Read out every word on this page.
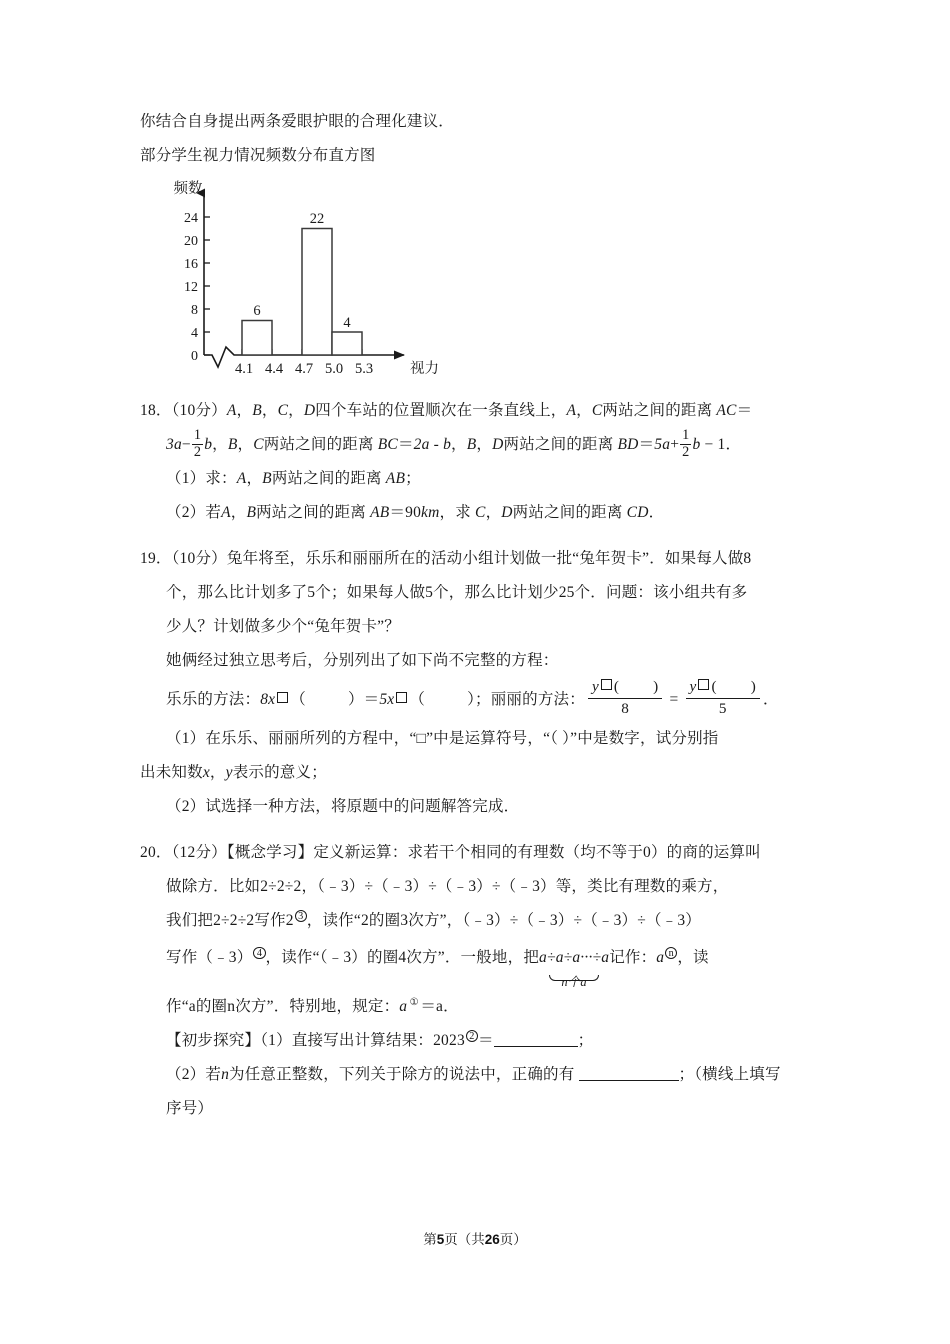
你结合自身提出两条爱眼护眼的合理化建议．
部分学生视力情况频数分布直方图
0
4
8
12
16
20
24
频数
6
22
4
4.1 4.4 4.7 5.0 5.3	视力
18．（10分）A，B，C，D四个车站的位置顺次在一条直线上，A，C两站之间的距离 AC＝
$3a- \frac{1}{2}$ b，B，C两站之间的距离 BC＝2a - b，B，D两站之间的距离 $BD=5a+ \frac{1}{2}$ b − 1．
（1）求：A，B两站之间的距离 AB；
（2）若A，B两站之间的距离 AB＝90km，求 C，D两站之间的距离 CD．
19．（10分）兔年将至，乐乐和丽丽所在的活动小组计划做一批“兔年贺卡”．如果每人做8
个，那么比计划多了5个；如果每人做5个，那么比计划少25个．问题：该小组共有多
少人？计划做多少个“兔年贺卡”？
她俩经过独立思考后，分别列出了如下尚不完整的方程：
乐乐的方法：8x （	）＝5x （	）；丽丽的方法： $\frac{y ( )}{8} = \frac{y ( )}{5}$ ．
（1）在乐乐、丽丽所列的方程中，“□”中是运算符号，“（ ）”中是数字，试分别指
出未知数x，y表示的意义；
（2）试选择一种方法，将原题中的问题解答完成．
20．（12分）【概念学习】定义新运算：求若干个相同的有理数（均不等于0）的商的运算叫
做除方．比如2÷2÷2，（﹣3）÷（﹣3）÷（﹣3）÷（﹣3）等，类比有理数的乘方，
我们把2÷2÷2写作2 3 ，读作“2的圈3次方”，（﹣3）÷（﹣3）÷（﹣3）÷（﹣3）
写作（﹣3） 4 ，读作“（﹣3）的圈4次方”．一般地，把a÷a÷a···÷a
n个a
记作：a n ，读
作“a的圈n次方”．特别地，规定：a ①＝a．
【初步探究】（1）直接写出计算结果：2023 2 ＝	；
（2）若n为任意正整数，下列关于除方的说法中，正确的有	；（横线上填写
序号）
第5页（共26页）
